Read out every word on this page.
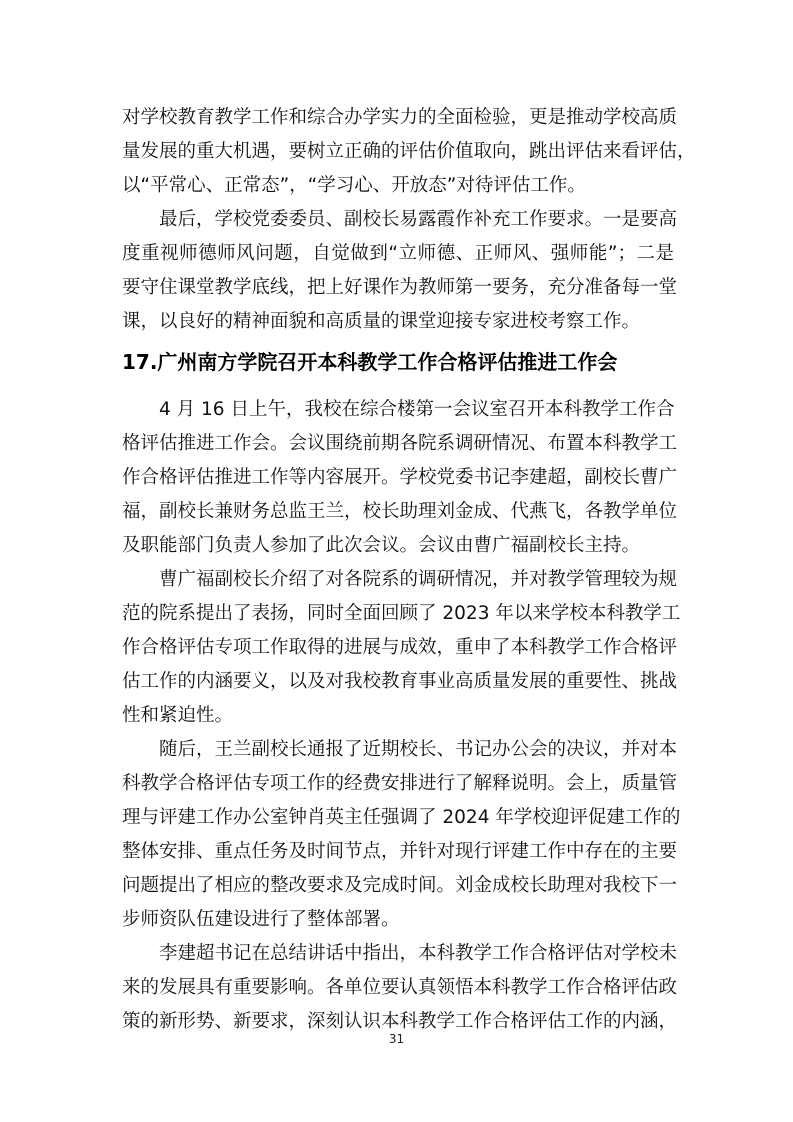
对学校教育教学工作和综合办学实力的全面检验，更是推动学校高质
量发展的重大机遇，要树立正确的评估价值取向，跳出评估来看评估，
以“平常心、正常态”，“学习心、开放态”对待评估工作。
最后，学校党委委员、副校长易露霞作补充工作要求。一是要高
度重视师德师风问题，自觉做到“立师德、正师风、强师能”；二是
要守住课堂教学底线，把上好课作为教师第一要务，充分准备每一堂
课，以良好的精神面貌和高质量的课堂迎接专家进校考察工作。
17.广州南方学院召开本科教学工作合格评估推进工作会
4 月 16 日上午，我校在综合楼第一会议室召开本科教学工作合
格评估推进工作会。会议围绕前期各院系调研情况、布置本科教学工
作合格评估推进工作等内容展开。学校党委书记李建超，副校长曹广
福，副校长兼财务总监王兰，校长助理刘金成、代燕飞，各教学单位
及职能部门负责人参加了此次会议。会议由曹广福副校长主持。
曹广福副校长介绍了对各院系的调研情况，并对教学管理较为规
范的院系提出了表扬，同时全面回顾了 2023 年以来学校本科教学工
作合格评估专项工作取得的进展与成效，重申了本科教学工作合格评
估工作的内涵要义，以及对我校教育事业高质量发展的重要性、挑战
性和紧迫性。
随后，王兰副校长通报了近期校长、书记办公会的决议，并对本
科教学合格评估专项工作的经费安排进行了解释说明。会上，质量管
理与评建工作办公室钟肖英主任强调了 2024 年学校迎评促建工作的
整体安排、重点任务及时间节点，并针对现行评建工作中存在的主要
问题提出了相应的整改要求及完成时间。刘金成校长助理对我校下一
步师资队伍建设进行了整体部署。
李建超书记在总结讲话中指出，本科教学工作合格评估对学校未
来的发展具有重要影响。各单位要认真领悟本科教学工作合格评估政
策的新形势、新要求，深刻认识本科教学工作合格评估工作的内涵，
31
